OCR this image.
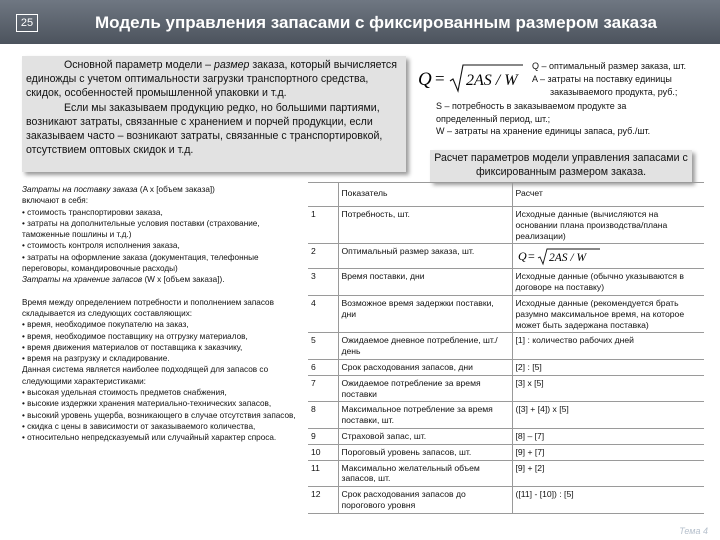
25	Модель управления запасами с фиксированным размером заказа

Основной параметр модели – размер заказа, который вычисляется единожды с учетом оптимальности загрузки транспортного средства, скидок, особенностей промышленной упаковки и т.д.

Если мы заказываем продукцию редко, но большими партиями, возникают затраты, связанные с хранением и порчей продукции, если заказываем часто – возникают затраты, связанные с транспортировкой, отсутствием оптовых скидок и т.д.

Q = 2AS / W
Q – оптимальный размер заказа, шт.
A – затраты на поставку единицы
заказываемого продукта, руб.;
S – потребность в заказываемом продукте за определенный период, шт.;
W – затраты на хранение единицы запаса, руб./шт.
Расчет параметров модели управления запасами с фиксированным размером заказа.
Затраты на поставку заказа (A x [объем заказа])
включают в себя:
• стоимость транспортировки заказа,
• затраты на дополнительные условия поставки (страхование, таможенные пошлины и т.д.)
• стоимость контроля исполнения заказа,
• затраты на оформление заказа (документация, телефонные переговоры, командировочные расходы)
Затраты на хранение запасов (W x [объем заказа]).
Время между определением потребности и пополнением запасов складывается из следующих составляющих:
• время, необходимое покупателю на заказ,
• время, необходимое поставщику на отгрузку материалов,
• время движения материалов от поставщика к заказчику,
• время на разгрузку и складирование.
Данная система является наиболее подходящей для запасов со следующими характеристиками:
• высокая удельная стоимость предметов снабжения,
• высокие издержки хранения материально-технических запасов,
• высокий уровень ущерба, возникающего в случае отсутствия запасов,
• скидка с цены в зависимости от заказываемого количества,
• относительно непредсказуемый или случайный характер спроса.
	Показатель	Расчет
1	Потребность, шт.	Исходные данные (вычисляются на основании плана производства/плана реализации)
2	Оптимальный размер заказа, шт.	Q = 2AS / W

3	Время поставки, дни	Исходные данные (обычно указываются в договоре на поставку)
4	Возможное время задержки поставки, дни	Исходные данные (рекомендуется брать разумно максимальное время, на которое может быть задержана поставка)
5	Ожидаемое дневное потребление, шт./день	[1] : количество рабочих дней
6	Срок расходования запасов, дни	[2] : [5]
7	Ожидаемое потребление за время поставки	[3] x [5]
8	Максимальное потребление за время поставки, шт.	([3] + [4]) x [5]
9	Страховой запас, шт.	[8] – [7]
10	Пороговый уровень запасов, шт.	[9] + [7]
11	Максимально желательный объем запасов, шт.	[9] + [2]
12	Срок расходования запасов до порогового уровня	([11] - [10]) : [5]
Тема 4
